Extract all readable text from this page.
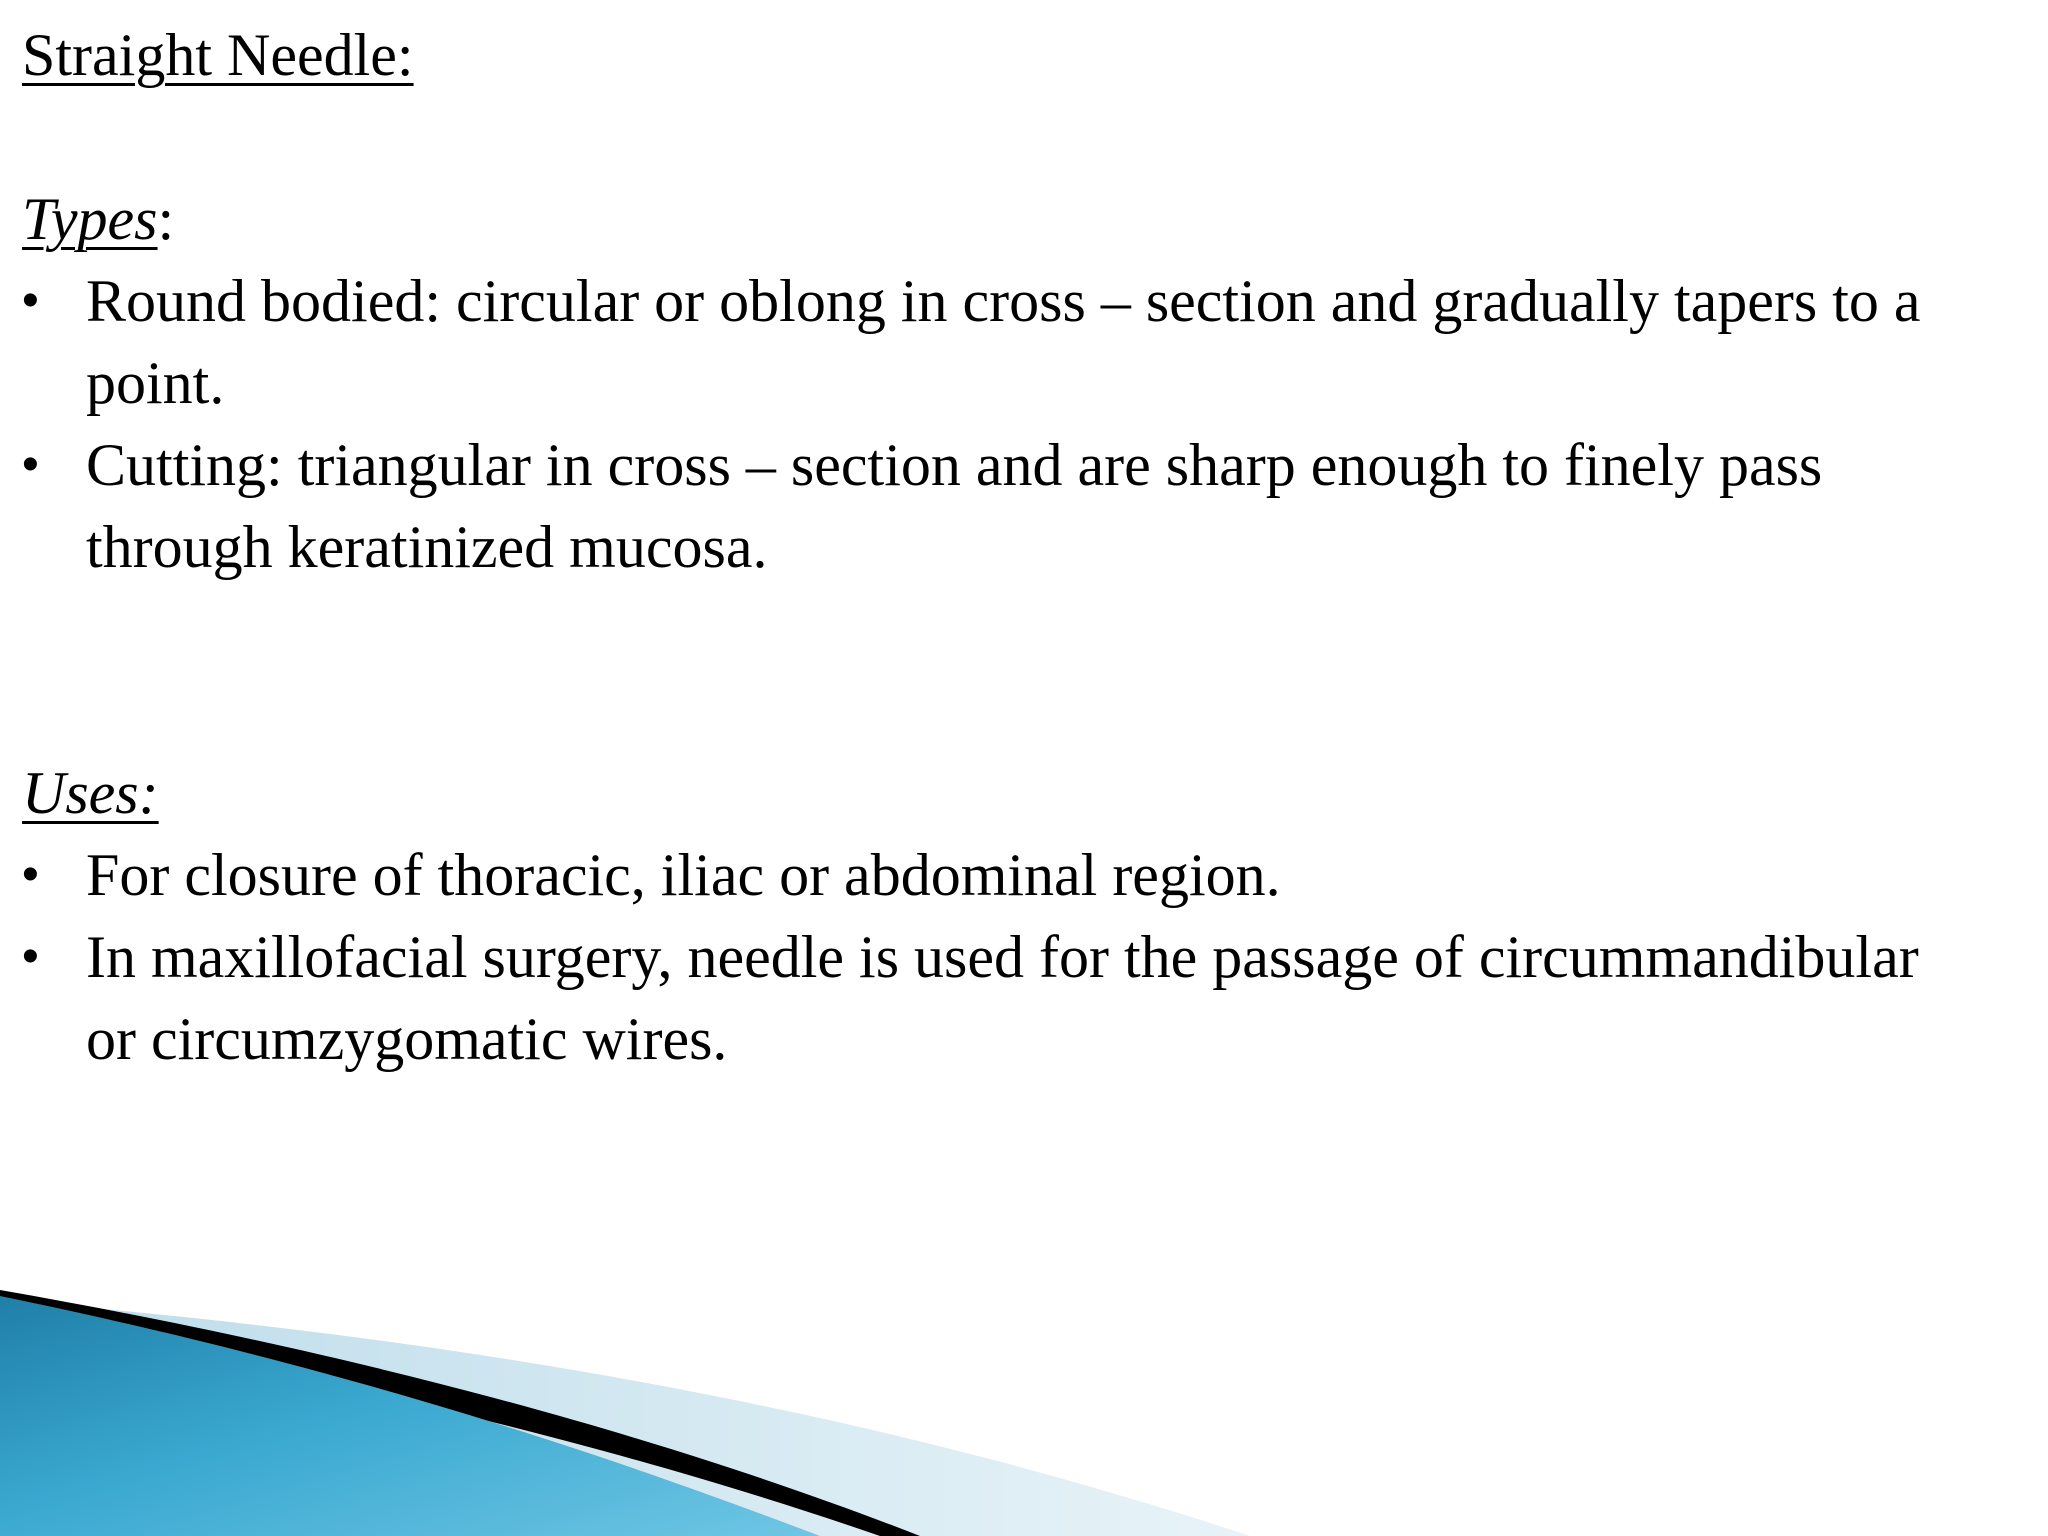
Straight Needle:
Types:
• Round bodied: circular or oblong in cross – section and gradually tapers to a point.
• Cutting: triangular in cross – section and are sharp enough to finely pass through keratinized mucosa.
Uses:
• For closure of thoracic, iliac or abdominal region.
• In maxillofacial surgery, needle is used for the passage of circummandibular or circumzygomatic wires.
